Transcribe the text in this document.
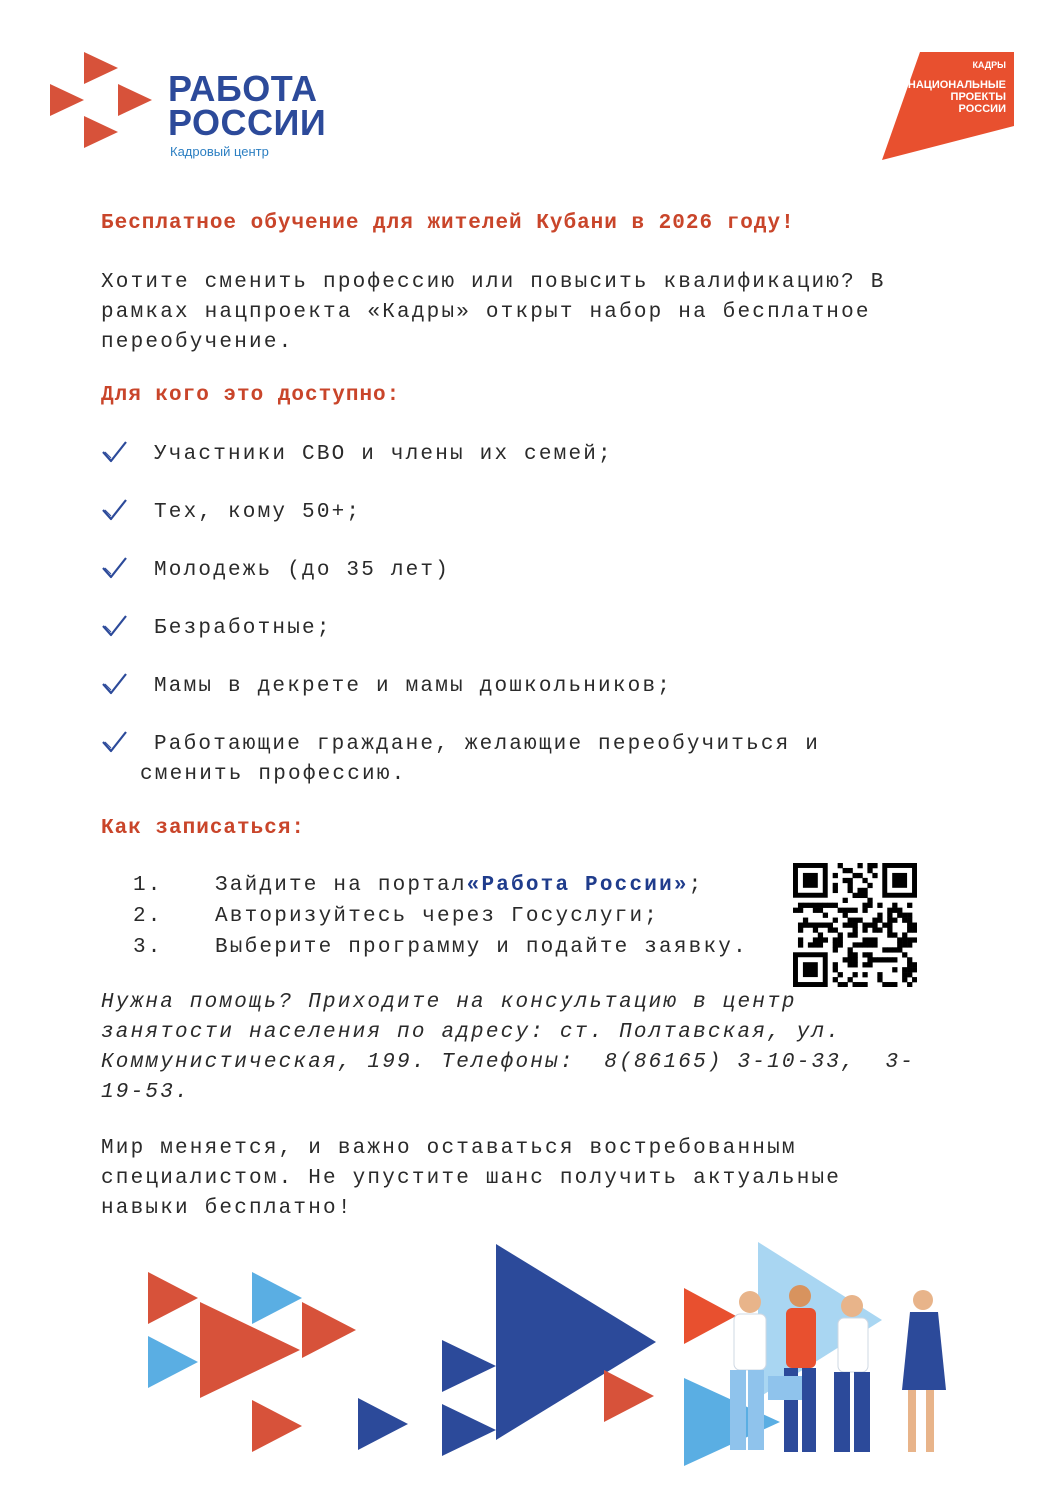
РАБОТА
РОССИИ
Кадровый центр
КАДРЫ
НАЦИОНАЛЬНЫЕ
ПРОЕКТЫ
РОССИИ
Бесплатное обучение для жителей Кубани в 2026 году!
Хотите сменить профессию или повысить квалификацию? В
рамках нацпроекта «Кадры» открыт набор на бесплатное
переобучение.
Для кого это доступно:
Участники СВО и члены их семей;
Тех, кому 50+;
Молодежь (до 35 лет)
Безработные;
Мамы в декрете и мамы дошкольников;
Работающие граждане, желающие переобучиться и
сменить профессию.
Как записаться:
1.	Зайдите на портал «Работа России» ;
2.	Авторизуйтесь через Госуслуги;
3.	Выберите программу и подайте заявку.
Нужна помощь? Приходите на консультацию в центр
занятости населения по адресу: ст. Полтавская, ул.
Коммунистическая, 199. Телефоны:  8(86165) 3-10-33,  3-
19-53.
Мир меняется, и важно оставаться востребованным
специалистом. Не упустите шанс получить актуальные
навыки бесплатно!
